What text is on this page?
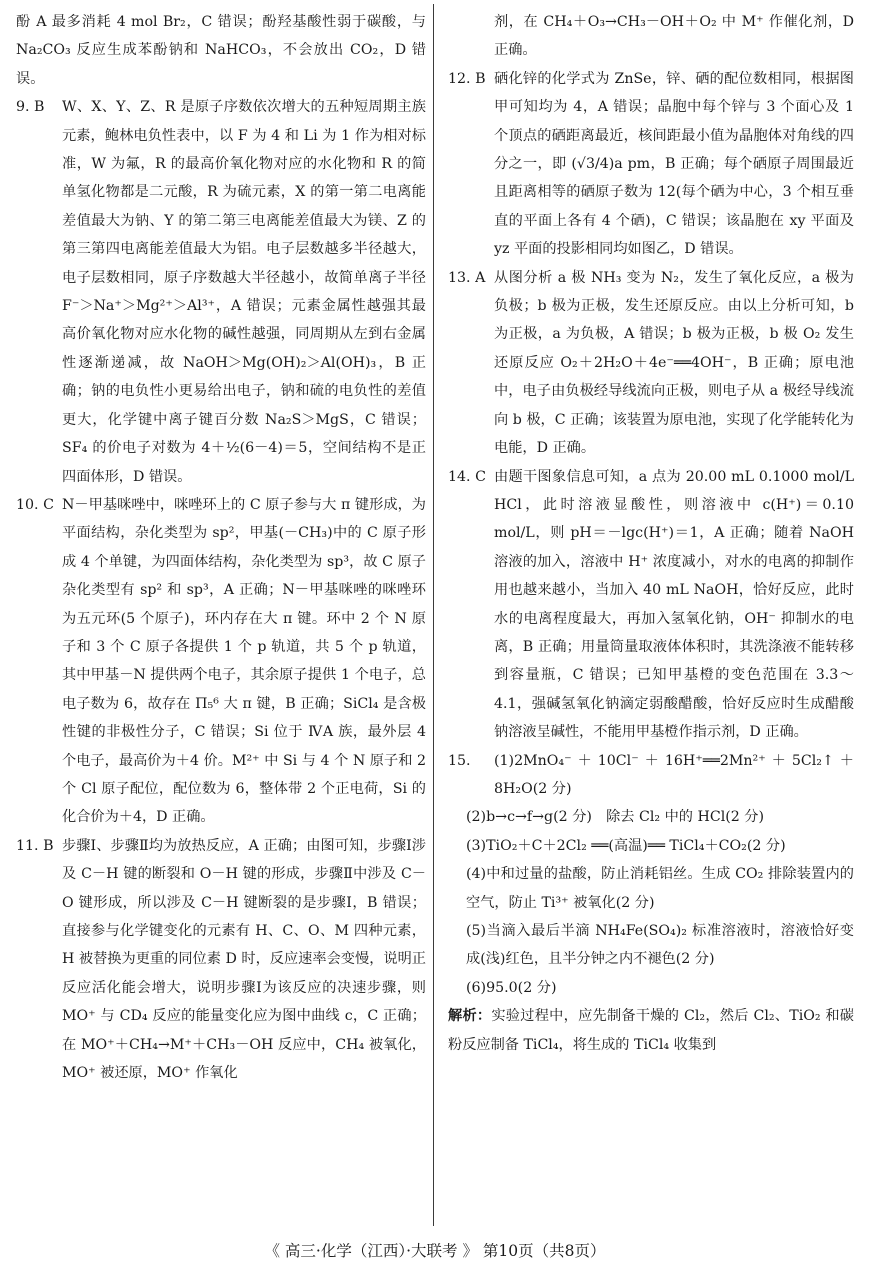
酚 A 最多消耗 4 mol Br₂，C 错误；酚羟基酸性弱于碳酸，与 Na₂CO₃ 反应生成苯酚钠和 NaHCO₃，不会放出 CO₂，D 错误。

9. B	W、X、Y、Z、R 是原子序数依次增大的五种短周期主族元素，鲍林电负性表中，以 F 为 4 和 Li 为 1 作为相对标准，W 为氟，R 的最高价氧化物对应的水化物和 R 的简单氢化物都是二元酸，R 为硫元素，X 的第一第二电离能差值最大为钠、Y 的第二第三电离能差值最大为镁、Z 的第三第四电离能差值最大为铝。电子层数越多半径越大，电子层数相同，原子序数越大半径越小，故简单离子半径 F⁻＞Na⁺＞Mg²⁺＞Al³⁺，A 错误；元素金属性越强其最高价氧化物对应水化物的碱性越强，同周期从左到右金属性逐渐递减，故 NaOH＞Mg(OH)₂＞Al(OH)₃，B 正确；钠的电负性小更易给出电子，钠和硫的电负性的差值更大，化学键中离子键百分数 Na₂S＞MgS，C 错误；SF₄ 的价电子对数为 4＋½(6－4)＝5，空间结构不是正四面体形，D 错误。
10. C N－甲基咪唑中，咪唑环上的 C 原子参与大 π 键形成，为平面结构，杂化类型为 sp²，甲基(－CH₃)中的 C 原子形成 4 个单键，为四面体结构，杂化类型为 sp³，故 C 原子杂化类型有 sp² 和 sp³，A 正确；N－甲基咪唑的咪唑环为五元环(5 个原子)，环内存在大 π 键。环中 2 个 N 原子和 3 个 C 原子各提供 1 个 p 轨道，共 5 个 p 轨道，其中甲基－N 提供两个电子，其余原子提供 1 个电子，总电子数为 6，故存在 Π₅⁶ 大 π 键，B 正确；SiCl₄ 是含极性键的非极性分子，C 错误；Si 位于 ⅣA 族，最外层 4 个电子，最高价为＋4 价。M²⁺ 中 Si 与 4 个 N 原子和 2 个 Cl 原子配位，配位数为 6，整体带 2 个正电荷，Si 的化合价为＋4，D 正确。
11. B 步骤Ⅰ、步骤Ⅱ均为放热反应，A 正确；由图可知，步骤Ⅰ涉及 C－H 键的断裂和 O－H 键的形成，步骤Ⅱ中涉及 C－O 键形成，所以涉及 C－H 键断裂的是步骤Ⅰ，B 错误；直接参与化学键变化的元素有 H、C、O、M 四种元素，H 被替换为更重的同位素 D 时，反应速率会变慢，说明正反应活化能会增大，说明步骤Ⅰ为该反应的决速步骤，则 MO⁺ 与 CD₄ 反应的能量变化应为图中曲线 c，C 正确；在 MO⁺＋CH₄→M⁺＋CH₃－OH 反应中，CH₄ 被氧化，MO⁺ 被还原，MO⁺ 作氧化

剂，在 CH₄＋O₃→CH₃－OH＋O₂ 中 M⁺ 作催化剂，D 正确。

12. B 硒化锌的化学式为 ZnSe，锌、硒的配位数相同，根据图甲可知均为 4，A 错误；晶胞中每个锌与 3 个面心及 1 个顶点的硒距离最近，核间距最小值为晶胞体对角线的四分之一，即 (√3/4)a pm，B 正确；每个硒原子周围最近且距离相等的硒原子数为 12(每个硒为中心，3 个相互垂直的平面上各有 4 个硒)，C 错误；该晶胞在 xy 平面及 yz 平面的投影相同均如图乙，D 错误。
13. A 从图分析 a 极 NH₃ 变为 N₂，发生了氧化反应，a 极为负极；b 极为正极，发生还原反应。由以上分析可知，b 为正极，a 为负极，A 错误；b 极为正极，b 极 O₂ 发生还原反应 O₂＋2H₂O＋4e⁻══4OH⁻，B 正确；原电池中，电子由负极经导线流向正极，则电子从 a 极经导线流向 b 极，C 正确；该装置为原电池，实现了化学能转化为电能，D 正确。
14. C 由题干图象信息可知，a 点为 20.00 mL 0.1000 mol/L HCl，此时溶液显酸性，则溶液中 c(H⁺)＝0.10 mol/L，则 pH＝－lgc(H⁺)＝1，A 正确；随着 NaOH 溶液的加入，溶液中 H⁺ 浓度减小，对水的电离的抑制作用也越来越小，当加入 40 mL NaOH，恰好反应，此时水的电离程度最大，再加入氢氧化钠，OH⁻ 抑制水的电离，B 正确；用量筒量取液体体积时，其洗涤液不能转移到容量瓶，C 错误；已知甲基橙的变色范围在 3.3～4.1，强碱氢氧化钠滴定弱酸醋酸，恰好反应时生成醋酸钠溶液呈碱性，不能用甲基橙作指示剂，D 正确。
15.	(1)2MnO₄⁻＋10Cl⁻＋16H⁺══2Mn²⁺＋5Cl₂↑＋8H₂O(2 分)

(2)b→c→f→g(2 分)　除去 Cl₂ 中的 HCl(2 分)

(3)TiO₂＋C＋2Cl₂ ══(高温)══ TiCl₄＋CO₂(2 分)

(4)中和过量的盐酸，防止消耗铝丝。生成 CO₂ 排除装置内的空气，防止 Ti³⁺ 被氧化(2 分)

(5)当滴入最后半滴 NH₄Fe(SO₄)₂ 标准溶液时，溶液恰好变成(浅)红色，且半分钟之内不褪色(2 分)

(6)95.0(2 分)

解析：实验过程中，应先制备干燥的 Cl₂，然后 Cl₂、TiO₂ 和碳粉反应制备 TiCl₄，将生成的 TiCl₄ 收集到

《 高三·化学（江西）·大联考 》 第10页（共8页）
